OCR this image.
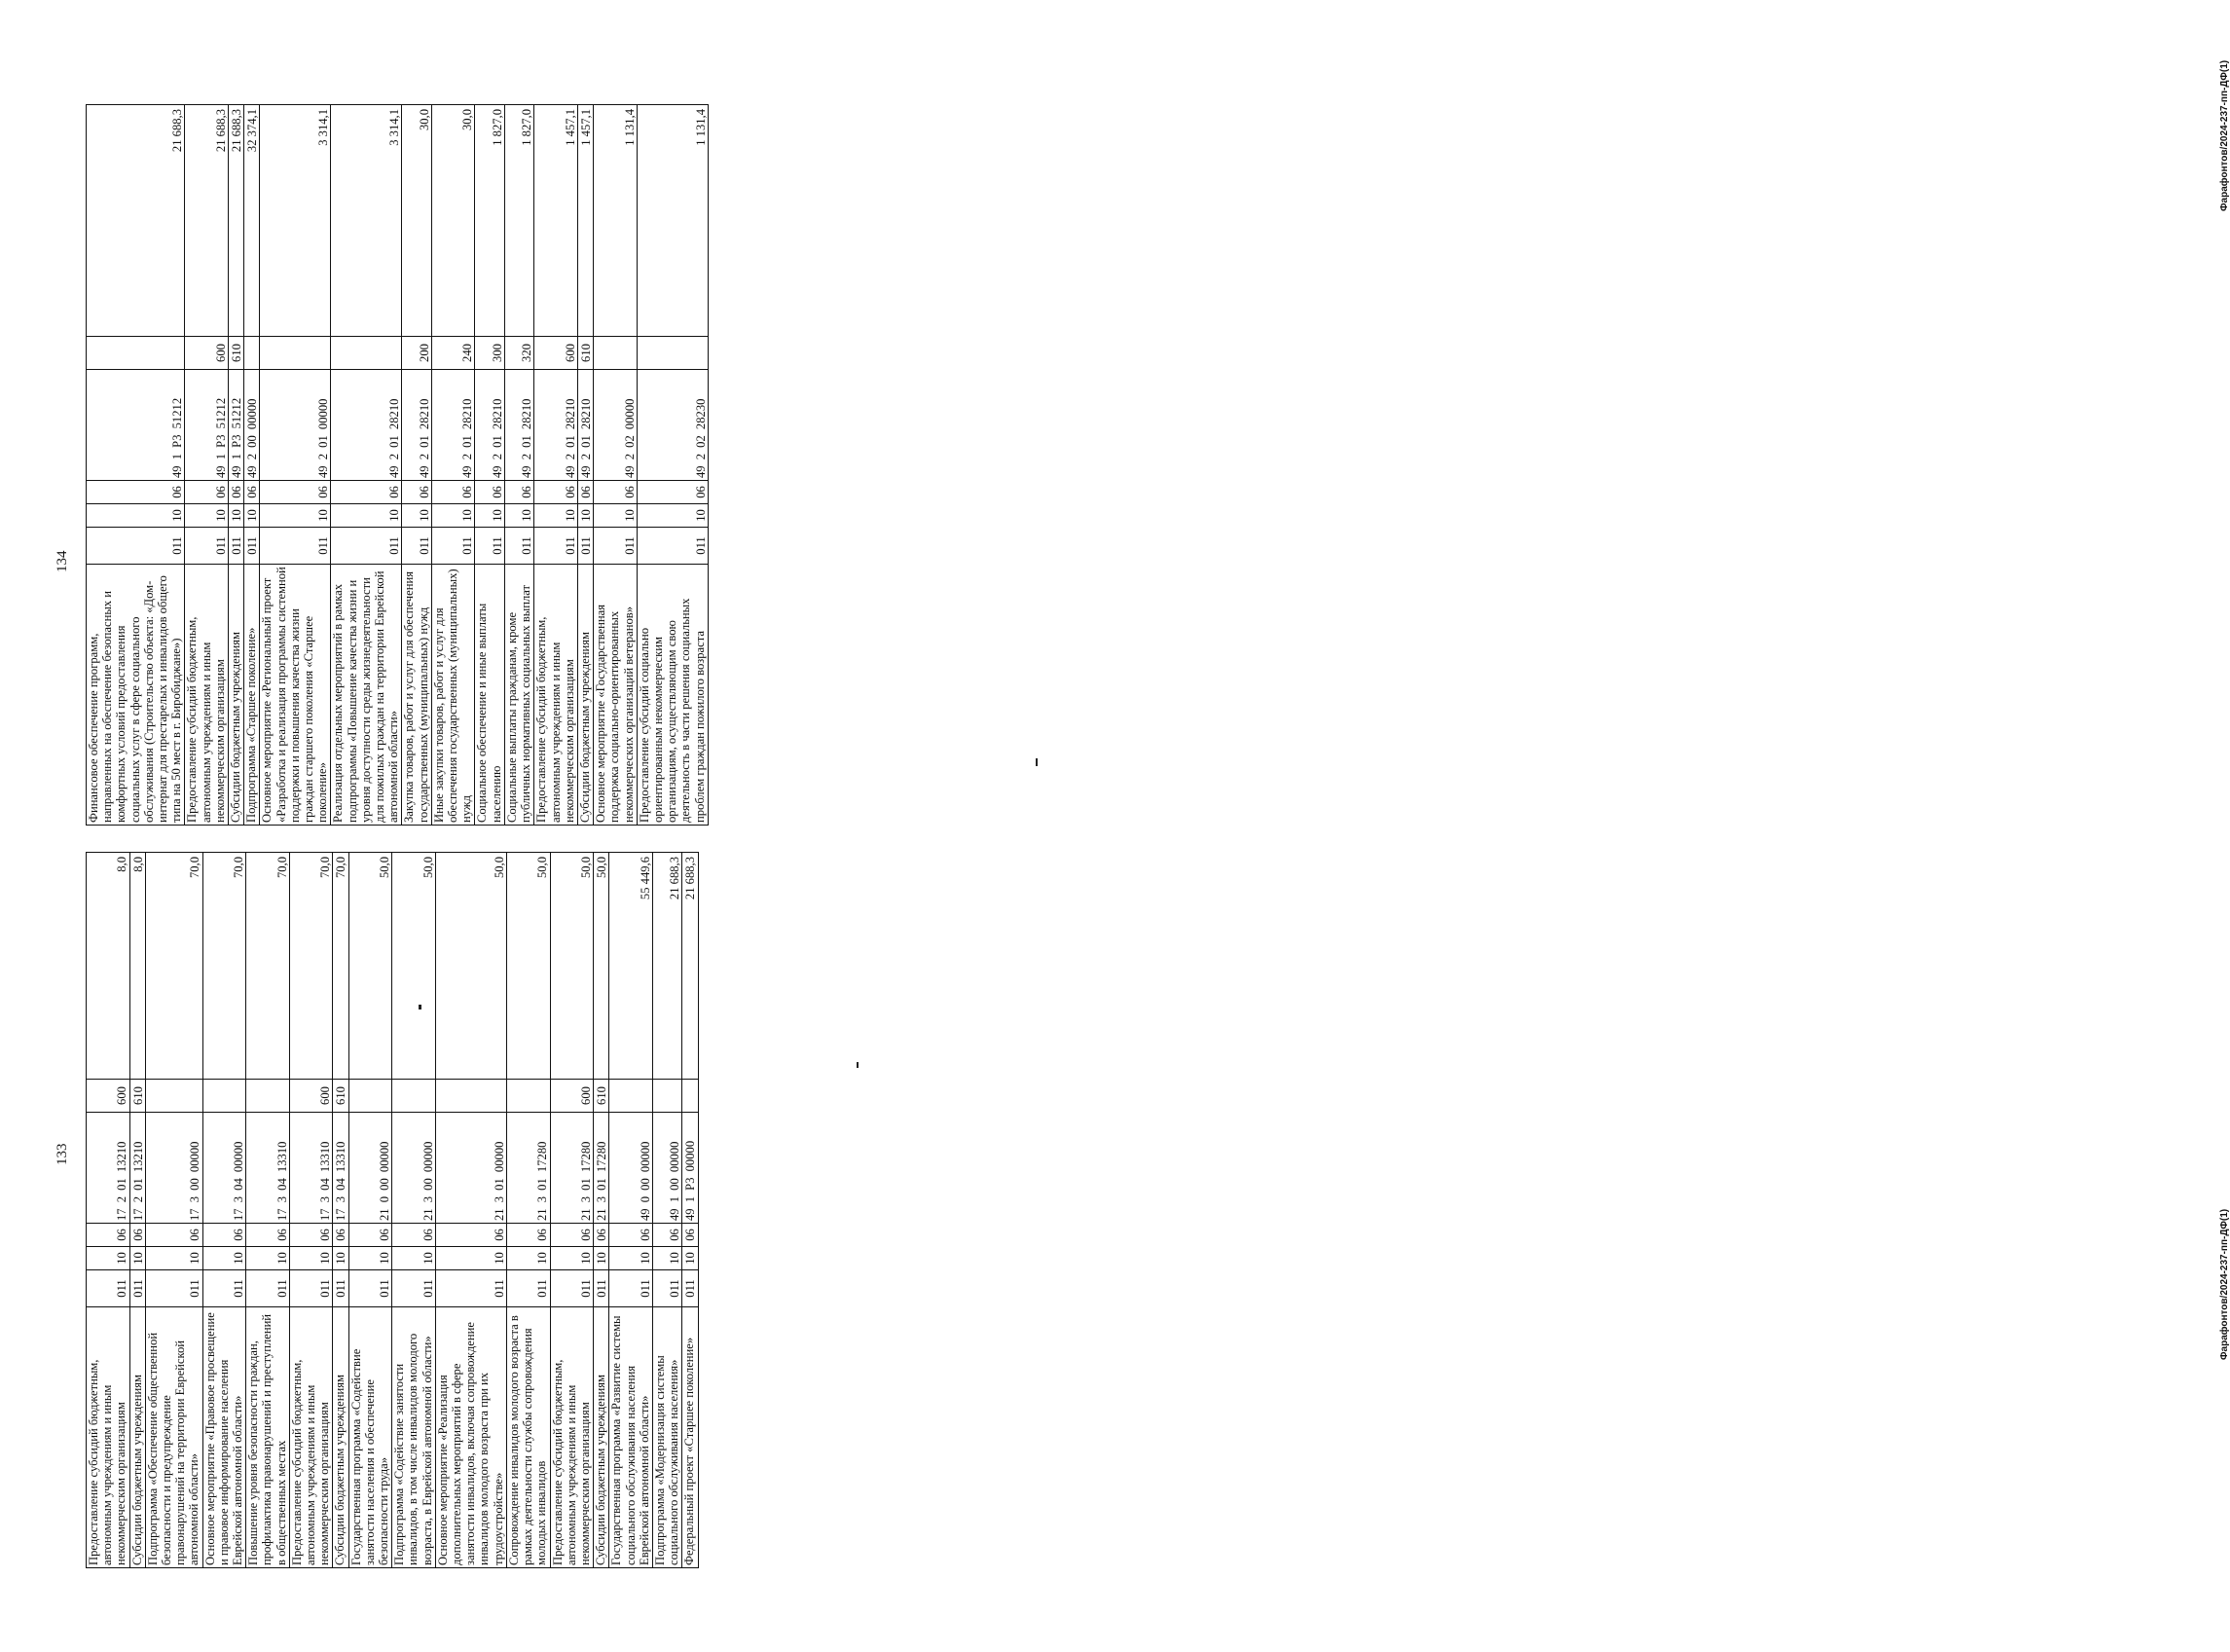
133
Предоставление субсидий бюджетным, автономным учреждениям и иным некоммерческим организациям	011	10	06	17 2 01 13210	600	8,0
Субсидии бюджетным учреждениям	011	10	06	17 2 01 13210	610	8,0
Подпрограмма «Обеспечение общественной безопасности и предупреждение правонарушений на территории Еврейской автономной области»	011	10	06	17 3 00 00000		70,0
Основное мероприятие «Правовое просвещение и правовое информирование населения Еврейской автономной области»	011	10	06	17 3 04 00000		70,0
Повышение уровня безопасности граждан, профилактика правонарушений и преступлений в общественных местах	011	10	06	17 3 04 13310		70,0
Предоставление субсидий бюджетным, автономным учреждениям и иным некоммерческим организациям	011	10	06	17 3 04 13310	600	70,0
Субсидии бюджетным учреждениям	011	10	06	17 3 04 13310	610	70,0
Государственная программа «Содействие занятости населения и обеспечение безопасности труда»	011	10	06	21 0 00 00000		50,0
Подпрограмма «Содействие занятости инвалидов, в том числе инвалидов молодого возраста, в Еврейской автономной области»	011	10	06	21 3 00 00000		50,0
Основное мероприятие «Реализация дополнительных мероприятий в сфере занятости инвалидов, включая сопровождение инвалидов молодого возраста при их трудоустройстве»	011	10	06	21 3 01 00000		50,0
Сопровождение инвалидов молодого возраста в рамках деятельности службы сопровождения молодых инвалидов	011	10	06	21 3 01 17280		50,0
Предоставление субсидий бюджетным, автономным учреждениям и иным некоммерческим организациям	011	10	06	21 3 01 17280	600	50,0
Субсидии бюджетным учреждениям	011	10	06	21 3 01 17280	610	50,0
Государственная программа «Развитие системы социального обслуживания населения Еврейской автономной области»	011	10	06	49 0 00 00000		55 449,6
Подпрограмма «Модернизация системы социального обслуживания населения»	011	10	06	49 1 00 00000		21 688,3
Федеральный проект «Старшее поколение»	011	10	06	49 1 Р3 00000		21 688,3
134
Финансовое обеспечение программ, направленных на обеспечение безопасных и комфортных условий предоставления социальных услуг в сфере социального обслуживания (Строительство объекта: «Дом-интернат для престарелых и инвалидов общего типа на 50 мест в г. Биробиджане»)	011	10	06	49 1 Р3 51212		21 688,3
Предоставление субсидий бюджетным, автономным учреждениям и иным некоммерческим организациям	011	10	06	49 1 Р3 51212	600	21 688,3
Субсидии бюджетным учреждениям	011	10	06	49 1 Р3 51212	610	21 688,3
Подпрограмма «Старшее поколение»	011	10	06	49 2 00 00000		32 374,1
Основное мероприятие «Региональный проект «Разработка и реализация программы системной поддержки и повышения качества жизни граждан старшего поколения «Старшее поколение»	011	10	06	49 2 01 00000		3 314,1
Реализация отдельных мероприятий в рамках подпрограммы «Повышение качества жизни и уровня доступности среды жизнедеятельности для пожилых граждан на территории Еврейской автономной области»	011	10	06	49 2 01 28210		3 314,1
Закупка товаров, работ и услуг для обеспечения государственных (муниципальных) нужд	011	10	06	49 2 01 28210	200	30,0
Иные закупки товаров, работ и услуг для обеспечения государственных (муниципальных) нужд	011	10	06	49 2 01 28210	240	30,0
Социальное обеспечение и иные выплаты населению	011	10	06	49 2 01 28210	300	1 827,0
Социальные выплаты гражданам, кроме публичных нормативных социальных выплат	011	10	06	49 2 01 28210	320	1 827,0
Предоставление субсидий бюджетным, автономным учреждениям и иным некоммерческим организациям	011	10	06	49 2 01 28210	600	1 457,1
Субсидии бюджетным учреждениям	011	10	06	49 2 01 28210	610	1 457,1
Основное мероприятие «Государственная поддержка социально-ориентированных некоммерческих организаций ветеранов»	011	10	06	49 2 02 00000		1 131,4
Предоставление субсидий социально ориентированным некоммерческим организациям, осуществляющим свою деятельность в части решения социальных проблем граждан пожилого возраста	011	10	06	49 2 02 28230		1 131,4
Фарафонтов/2024-237-пп-ДФ(1)
Фарафонтов/2024-237-пп-ДФ(1)
